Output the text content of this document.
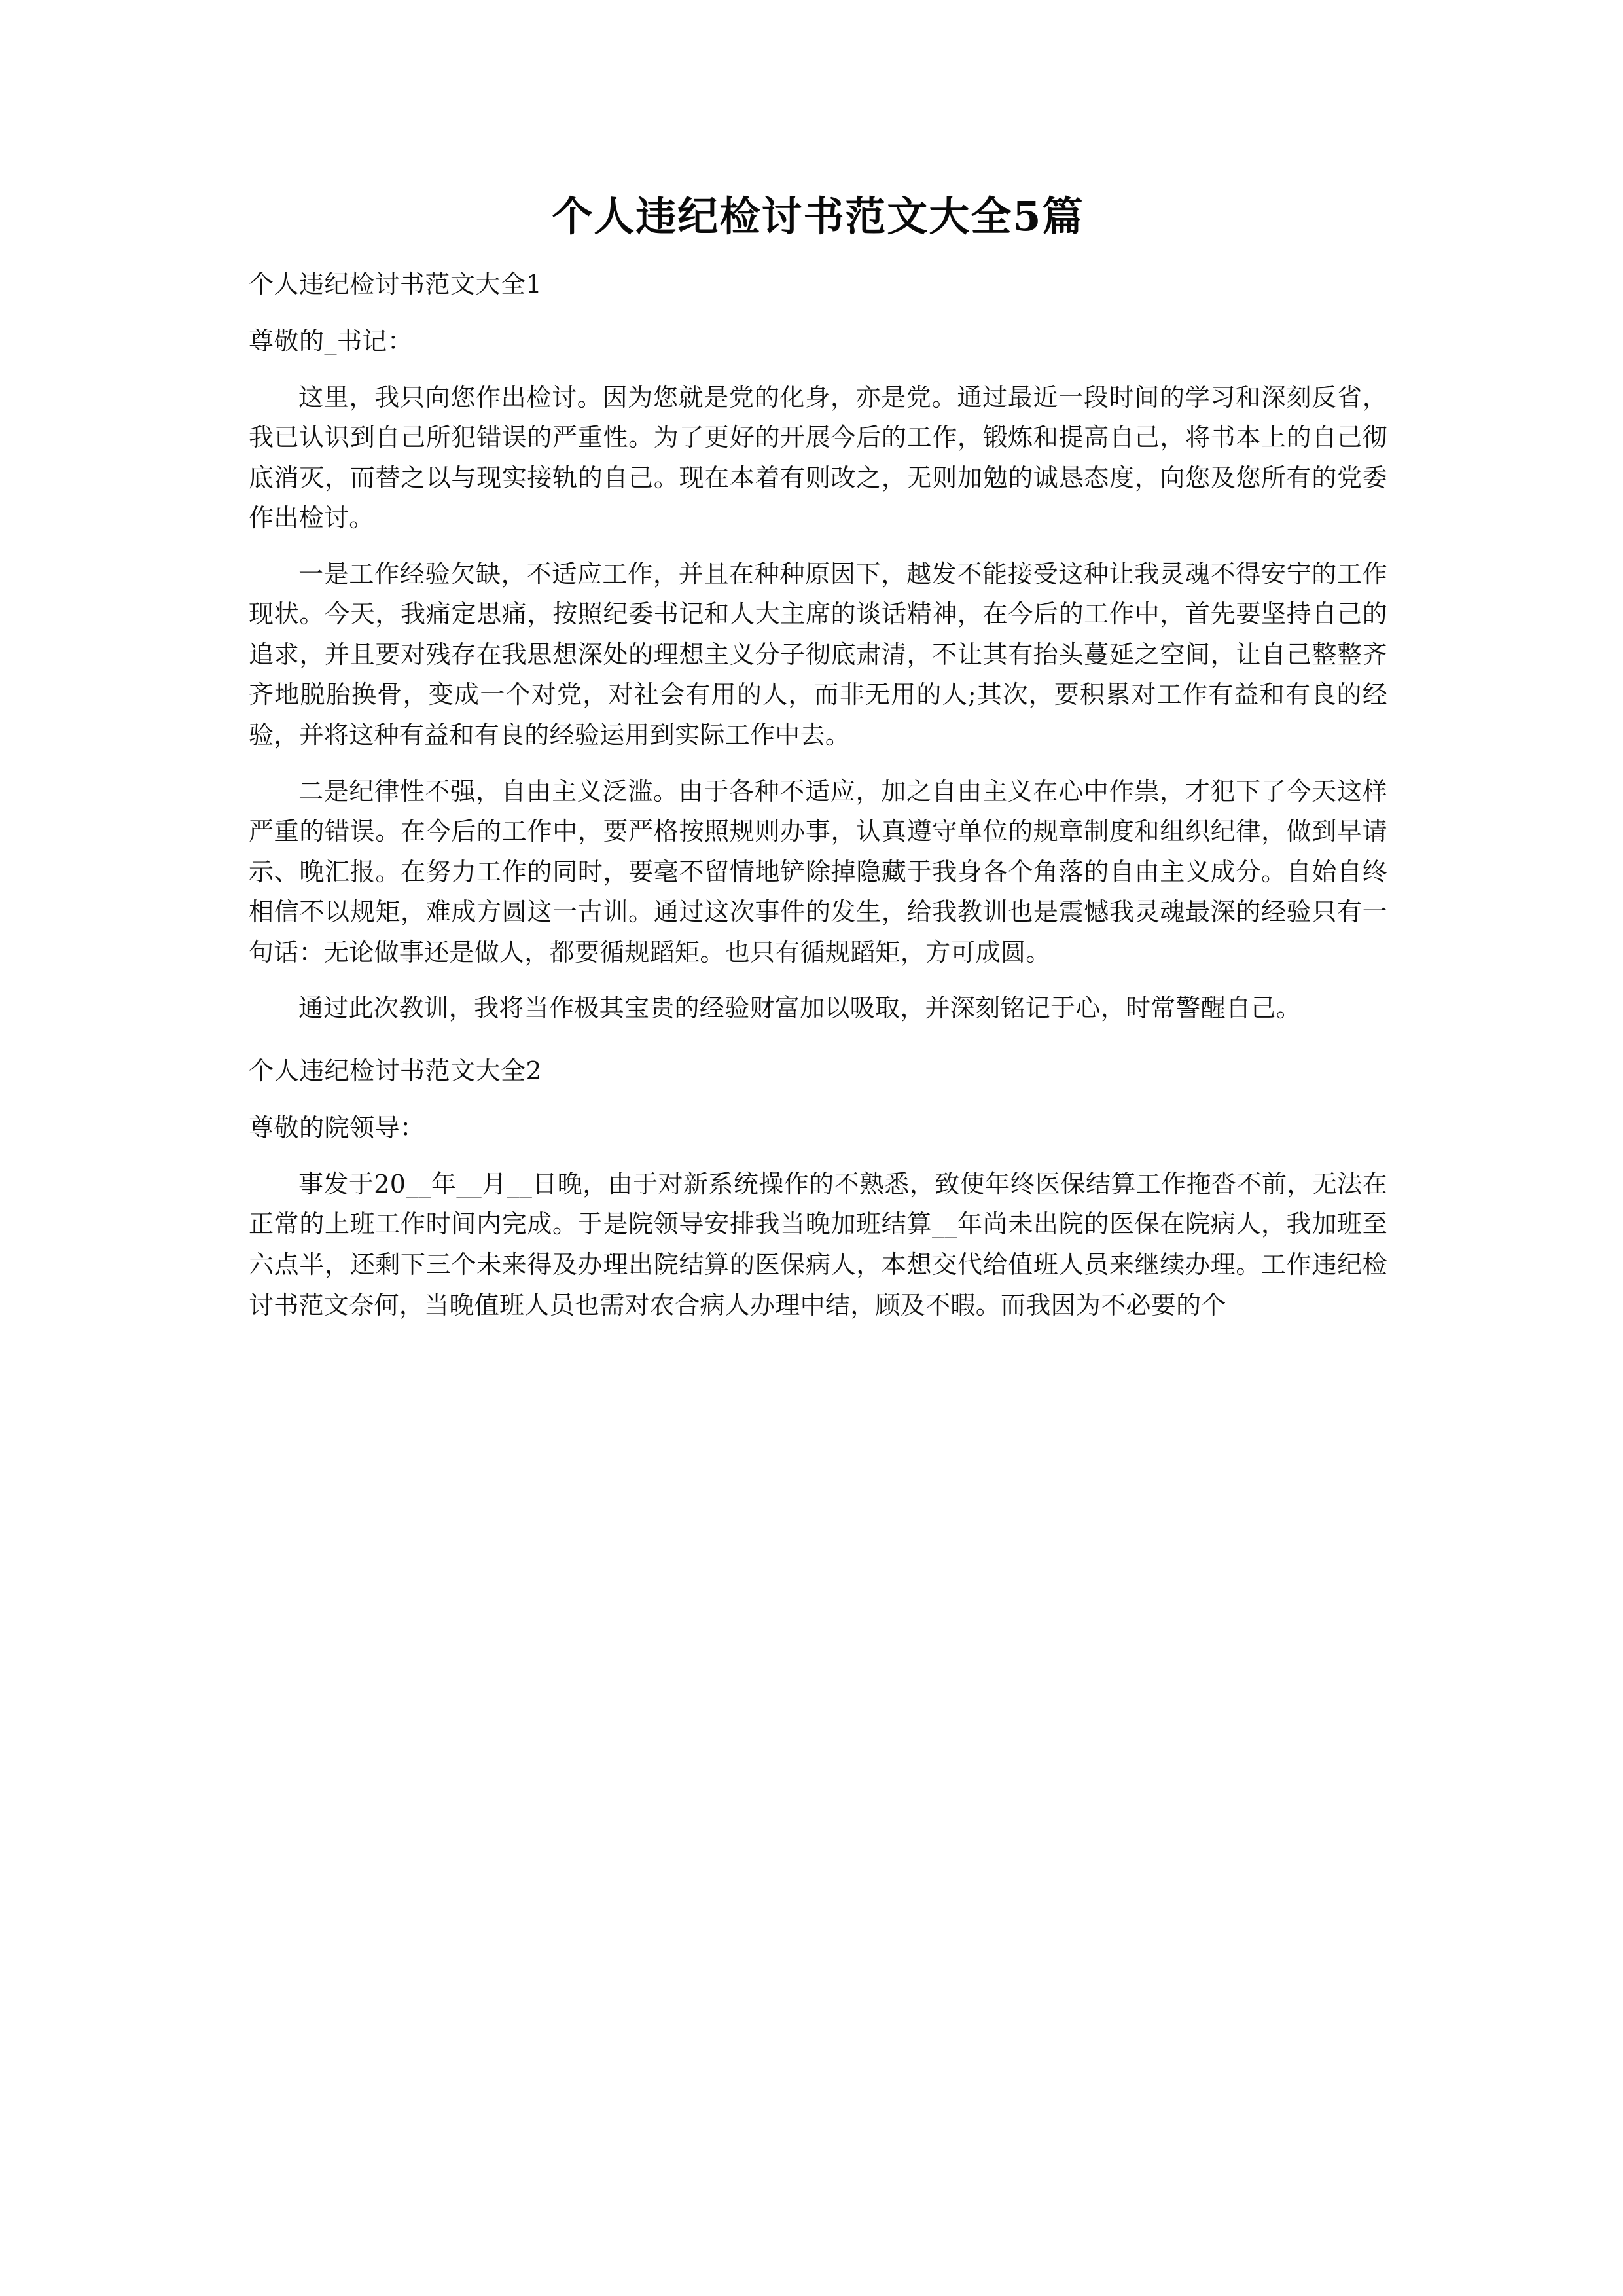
个人违纪检讨书范文大全5篇

个人违纪检讨书范文大全1

尊敬的_书记：

这里，我只向您作出检讨。因为您就是党的化身，亦是党。通过最近一段时间的学习和深刻反省，我已认识到自己所犯错误的严重性。为了更好的开展今后的工作，锻炼和提高自己，将书本上的自己彻底消灭，而替之以与现实接轨的自己。现在本着有则改之，无则加勉的诚恳态度，向您及您所有的党委作出检讨。

一是工作经验欠缺，不适应工作，并且在种种原因下，越发不能接受这种让我灵魂不得安宁的工作现状。今天，我痛定思痛，按照纪委书记和人大主席的谈话精神，在今后的工作中，首先要坚持自己的追求，并且要对残存在我思想深处的理想主义分子彻底肃清，不让其有抬头蔓延之空间，让自己整整齐齐地脱胎换骨，变成一个对党，对社会有用的人，而非无用的人;其次，要积累对工作有益和有良的经验，并将这种有益和有良的经验运用到实际工作中去。

二是纪律性不强，自由主义泛滥。由于各种不适应，加之自由主义在心中作祟，才犯下了今天这样严重的错误。在今后的工作中，要严格按照规则办事，认真遵守单位的规章制度和组织纪律，做到早请示、晚汇报。在努力工作的同时，要毫不留情地铲除掉隐藏于我身各个角落的自由主义成分。自始自终相信不以规矩，难成方圆这一古训。通过这次事件的发生，给我教训也是震憾我灵魂最深的经验只有一句话：无论做事还是做人，都要循规蹈矩。也只有循规蹈矩，方可成圆。

通过此次教训，我将当作极其宝贵的经验财富加以吸取，并深刻铭记于心，时常警醒自己。

个人违纪检讨书范文大全2

尊敬的院领导：

事发于20__年__月__日晚，由于对新系统操作的不熟悉，致使年终医保结算工作拖沓不前，无法在正常的上班工作时间内完成。于是院领导安排我当晚加班结算__年尚未出院的医保在院病人，我加班至六点半，还剩下三个未来得及办理出院结算的医保病人，本想交代给值班人员来继续办理。工作违纪检讨书范文奈何，当晚值班人员也需对农合病人办理中结，顾及不暇。而我因为不必要的个
